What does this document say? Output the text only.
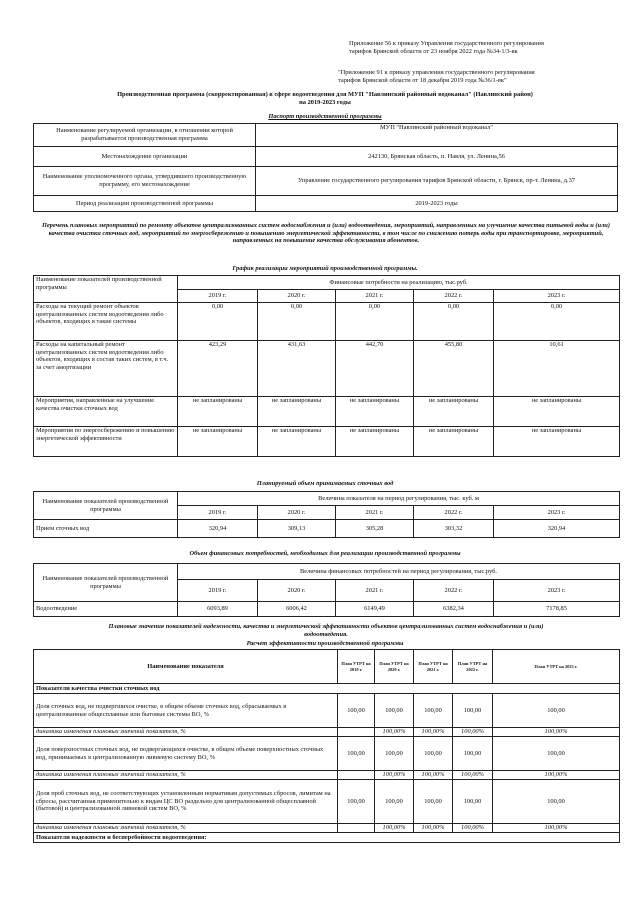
Приложение 56 к приказу Управления государственного регулирования
тарифов Брянской области от 23 ноября 2022 года №34-1/3-вк
"Приложение 91 к приказу управления государственного регулирования
тарифов Брянской области от 18 декабря 2019 года №36/1-вк"
Производственная программа (скорректированная) в сфере водоотведения для МУП "Навлинский районный водоканал" (Навлинский район)
на 2019-2023 годы
Паспорт производственной программы
Наименование регулируемой организации, в отношении которой разрабатывается производственная программа	МУП "Навлинский районный водоканал"
Местонахождение организации	242130, Брянская область, п. Навля, ул. Ленина,56
Наименование уполномоченного органа, утвердившего производственную программу, его местонахождение	Управление государственного регулирования тарифов Брянской области, г. Брянск, пр-т. Ленина, д.37
Период реализации производственной программы	2019-2023 годы
Перечень плановых мероприятий по ремонту объектов централизованных систем водоснабжения и (или) водоотведения, мероприятий, направленных на улучшение качества питьевой воды и (или) качества очистки сточных вод, мероприятий по энергосбережению и повышению энергетической эффективности, в том числе по снижению потерь воды при транспортировке, мероприятий, направленных на повышение качества обслуживания абонентов.
График реализации мероприятий производственной программы.
Наименование показателей производственной программы	Финансовые потребности на реализацию, тыс.руб.				
	2019 г.	2020 г.	2021 г.	2022 г.	2023 г.
Расходы на текущий ремонт объектов централизованных систем водоотведения либо объектов, входящих в такие системы	0,00	0,00	0,00	0,00	0,00
Расходы на капитальный ремонт централизованных систем водоотведения либо объектов, входящих в состав таких систем, в т.ч. за счет амортизации	423,29	431,63	442,70	455,80	10,61
Мероприятия, направленные на улучшение качества очистки сточных вод	не запланированы	не запланированы	не запланированы	не запланированы	не запланированы
Мероприятия по энергосбережению и повышению энергетической эффективности	не запланированы	не запланированы	не запланированы	не запланированы	не запланированы
Планируемый объем принимаемых сточных вод
Наименование показателей производственной программы	Величина показателя на период регулирования, тыс. куб. м				
	2019 г.	2020 г.	2021 г.	2022 г.	2023 г.
Прием сточных вод	320,94	309,13	305,28	303,32	320,94
Объем финансовых потребностей, необходимых для реализации производственной программы
Наименование показателей производственной программы	Величина финансовых потребностей на период регулирования, тыс.руб.				
	2019 г.	2020 г.	2021 г.	2022 г.	2023 г.
Водоотведение	6093,89	6006,42	6149,49	6382,34	7178,85
Плановые значения показателей надежности, качества и энергетической эффективности объектов централизованных систем водоснабжения и (или)
водоотведения.
Расчет эффективности производственной программы
Наименование показателя	План УТРТ на 2019 г.	План УТРТ на 2020 г.	План УТРТ на 2021 г.	План УТРТ на 2022 г.	План УТРТ на 2023 г.
Показатели качества очистки сточных вод					
Доля сточных вод, не подвергшихся очистке, в общем объеме сточных вод, сбрасываемых в централизованные общесплавные или бытовые системы ВО, %	100,00	100,00	100,00	100,00	100,00
динамика изменения плановых значений показателя, %		100,00%	100,00%	100,00%	100,00%
Доля поверхностных сточных вод, не подвергающихся очистке, в общем объеме поверхностных сточных вод, принимаемых в централизованную ливневую систему ВО, %	100,00	100,00	100,00	100,00	100,00
динамика изменения плановых значений показателя, %		100,00%	100,00%	100,00%	100,00%
Доля проб сточных вод, не соответствующих установленным нормативам допустимых сбросов, лимитам на сбросы, рассчитанная применительно к видам ЦС ВО раздельно для централизованной общесплавной (бытовой) и централизованной ливневой систем ВО, %	100,00	100,00	100,00	100,00	100,00
динамика изменения плановых значений показателя, %		100,00%	100,00%	100,00%	100,00%
Показатели надежности и бесперебойности водоотведения:					
